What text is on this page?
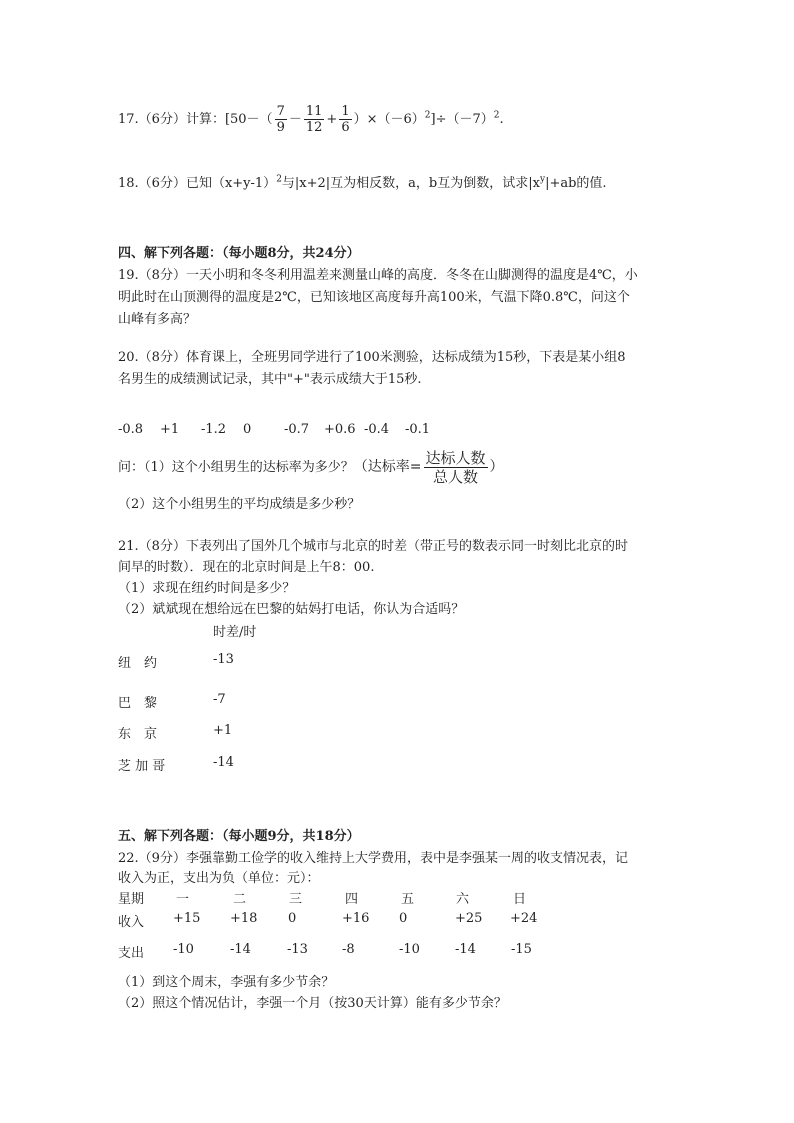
17.（6分）计算：$[50-( \frac{7}{9} - \frac{11}{12} + \frac{1}{6} )\times(-6)^2]\div(-7)^2$.
18.（6分）已知$(x+y-1)^2$与|x+2|互为相反数，a，b互为倒数，试求$|x^y|+ab$的值.
四、解下列各题：（每小题8分，共24分）
19.（8分）一天小明和冬冬利用温差来测量山峰的高度．冬冬在山脚测得的温度是4℃，小
明此时在山顶测得的温度是2℃，已知该地区高度每升高100米，气温下降0.8℃，问这个
山峰有多高？
20.（8分）体育课上，全班男同学进行了100米测验，达标成绩为15秒，下表是某小组8
名男生的成绩测试记录，其中"+"表示成绩大于15秒.
-0.8 +1 -1.2 0	-0.7 +0.6 -0.4 -0.1
问：（1）这个小组男生的达标率为多少？（达标率= $\frac{\text{达标人数}}{\text{总人数}}$ ）
（2）这个小组男生的平均成绩是多少秒？
21.（8分）下表列出了国外几个城市与北京的时差（带正号的数表示同一时刻比北京的时
间早的时数）．现在的北京时间是上午8：00.
（1）求现在纽约时间是多少？
（2）斌斌现在想给远在巴黎的姑妈打电话，你认为合适吗？
时差/时
纽　约	-13
巴　黎	-7
东　京	+1
芝 加 哥	-14
五、解下列各题：（每小题9分，共18分）
22.（9分）李强靠勤工俭学的收入维持上大学费用，表中是李强某一周的收支情况表，记
收入为正，支出为负（单位：元）：
星期 一	二	三	四	五	六	日
收入 +15 +18 0	+16 0	+25 +24
支出 -10	-14	-13	-8	-10	-14	-15
（1）到这个周末，李强有多少节余？
（2）照这个情况估计，李强一个月（按30天计算）能有多少节余？
